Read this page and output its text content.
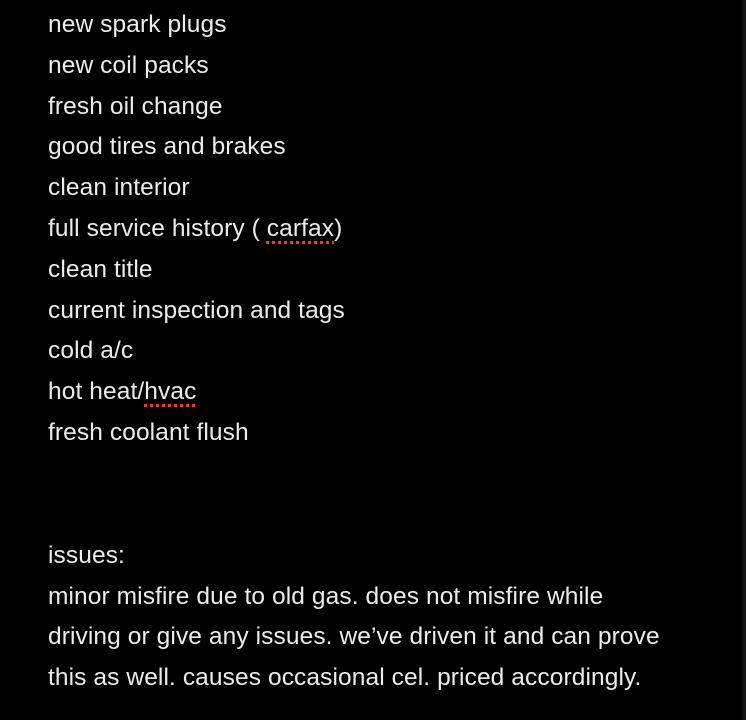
new spark plugs
new coil packs
fresh oil change
good tires and brakes
clean interior
full service history ( carfax)
clean title
current inspection and tags
cold a/c
hot heat/hvac
fresh coolant flush
issues:
minor misfire due to old gas. does not misfire while
driving or give any issues. we’ve driven it and can prove
this as well. causes occasional cel. priced accordingly.
